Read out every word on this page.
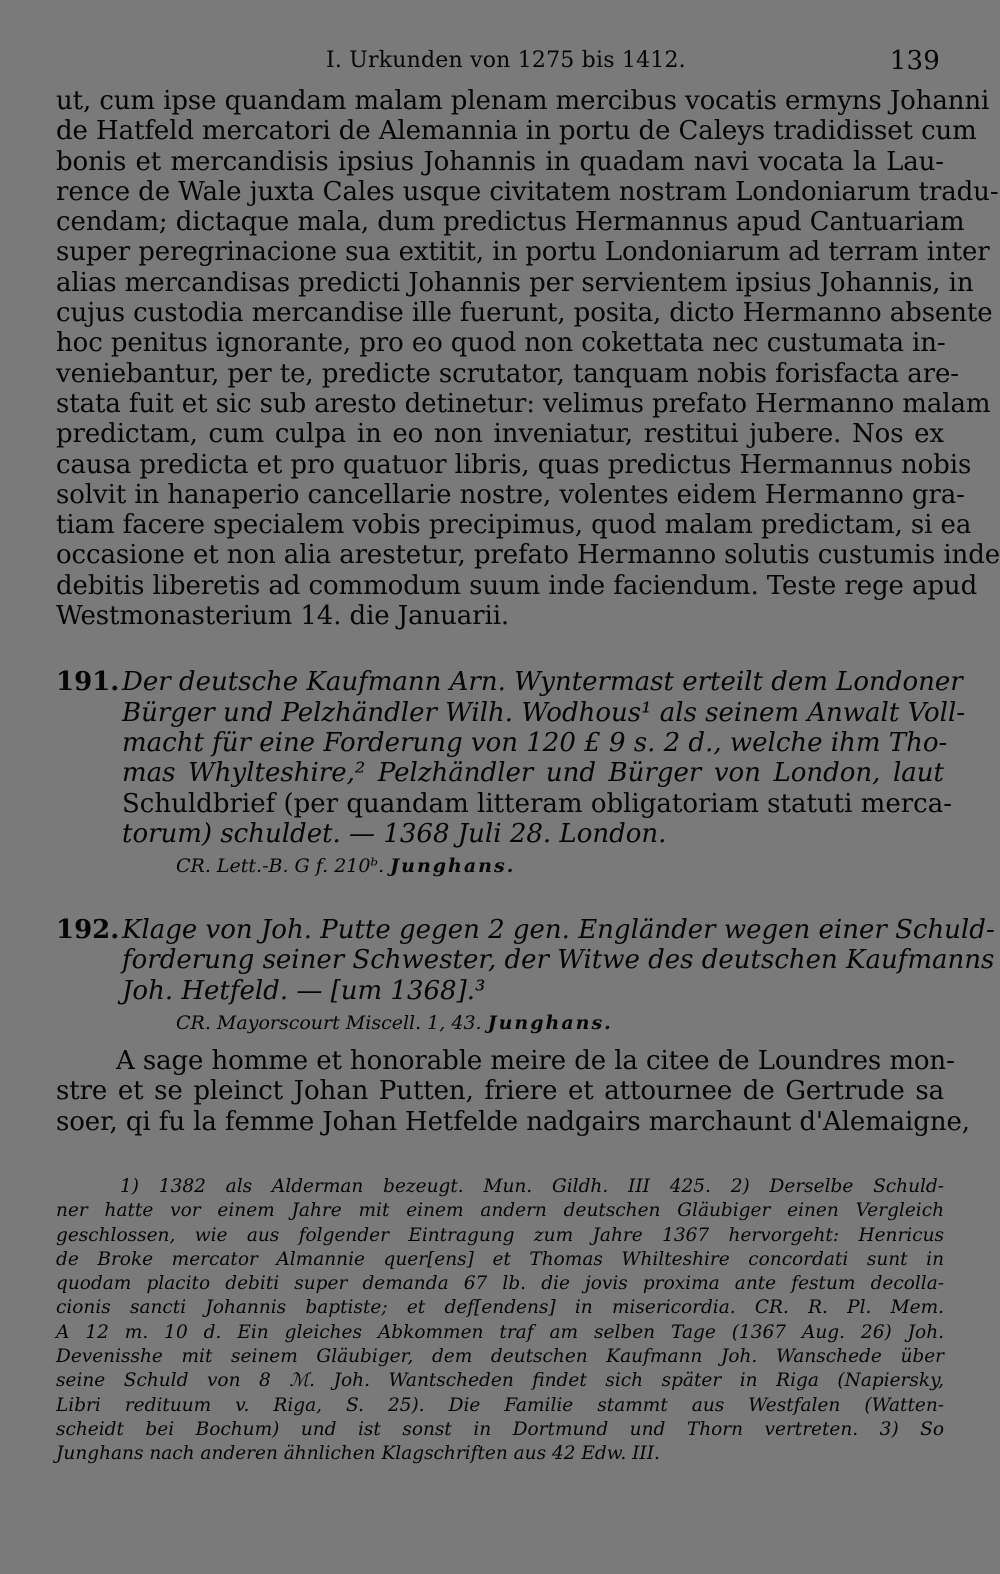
I. Urkunden von 1275 bis 1412.	139
ut, cum ipse quandam malam plenam mercibus vocatis ermyns Johanni
de Hatfeld mercatori de Alemannia in portu de Caleys tradidisset cum
bonis et mercandisis ipsius Johannis in quadam navi vocata la Lau-
rence de Wale juxta Cales usque civitatem nostram Londoniarum tradu-
cendam; dictaque mala, dum predictus Hermannus apud Cantuariam
super peregrinacione sua extitit, in portu Londoniarum ad terram inter
alias mercandisas predicti Johannis per servientem ipsius Johannis, in
cujus custodia mercandise ille fuerunt, posita, dicto Hermanno absente
hoc penitus ignorante, pro eo quod non cokettata nec custumata in-
veniebantur, per te, predicte scrutator, tanquam nobis forisfacta are-
stata fuit et sic sub aresto detinetur: velimus prefato Hermanno malam
predictam, cum culpa in eo non inveniatur, restitui jubere. Nos ex
causa predicta et pro quatuor libris, quas predictus Hermannus nobis
solvit in hanaperio cancellarie nostre, volentes eidem Hermanno gra-
tiam facere specialem vobis precipimus, quod malam predictam, si ea
occasione et non alia arestetur, prefato Hermanno solutis custumis inde
debitis liberetis ad commodum suum inde faciendum. Teste rege apud
Westmonasterium 14. die Januarii.
191. Der deutsche Kaufmann Arn. Wyntermast erteilt dem Londoner
Bürger und Pelzhändler Wilh. Wodhous¹ als seinem Anwalt Voll-
macht für eine Forderung von 120 £ 9 s. 2 d., welche ihm Tho-
mas Whylteshire,² Pelzhändler und Bürger von London, laut
Schuldbrief (per quandam litteram obligatoriam statuti merca-
torum) schuldet. — 1368 Juli 28. London.
CR. Lett.-B. G f. 210ᵇ. Junghans.
192. Klage von Joh. Putte gegen 2 gen. Engländer wegen einer Schuld-
forderung seiner Schwester, der Witwe des deutschen Kaufmanns
Joh. Hetfeld. — [um 1368].³
CR. Mayorscourt Miscell. 1, 43. Junghans.
A sage homme et honorable meire de la citee de Loundres mon-
stre et se pleinct Johan Putten, friere et attournee de Gertrude sa
soer, qi fu la femme Johan Hetfelde nadgairs marchaunt d'Alemaigne,
1) 1382 als Alderman bezeugt. Mun. Gildh. III 425. 2) Derselbe Schuld-
ner hatte vor einem Jahre mit einem andern deutschen Gläubiger einen Vergleich
geschlossen, wie aus folgender Eintragung zum Jahre 1367 hervorgeht: Henricus
de Broke mercator Almannie quer[ens] et Thomas Whilteshire concordati sunt in
quodam placito debiti super demanda 67 lb. die jovis proxima ante festum decolla-
cionis sancti Johannis baptiste; et def[endens] in misericordia. CR. R. Pl. Mem.
A 12 m. 10 d. Ein gleiches Abkommen traf am selben Tage (1367 Aug. 26) Joh.
Devenisshe mit seinem Gläubiger, dem deutschen Kaufmann Joh. Wanschede über
seine Schuld von 8 ℳ. Joh. Wantscheden findet sich später in Riga (Napiersky,
Libri redituum v. Riga, S. 25). Die Familie stammt aus Westfalen (Watten-
scheidt bei Bochum) und ist sonst in Dortmund und Thorn vertreten. 3) So
Junghans nach anderen ähnlichen Klagschriften aus 42 Edw. III.
